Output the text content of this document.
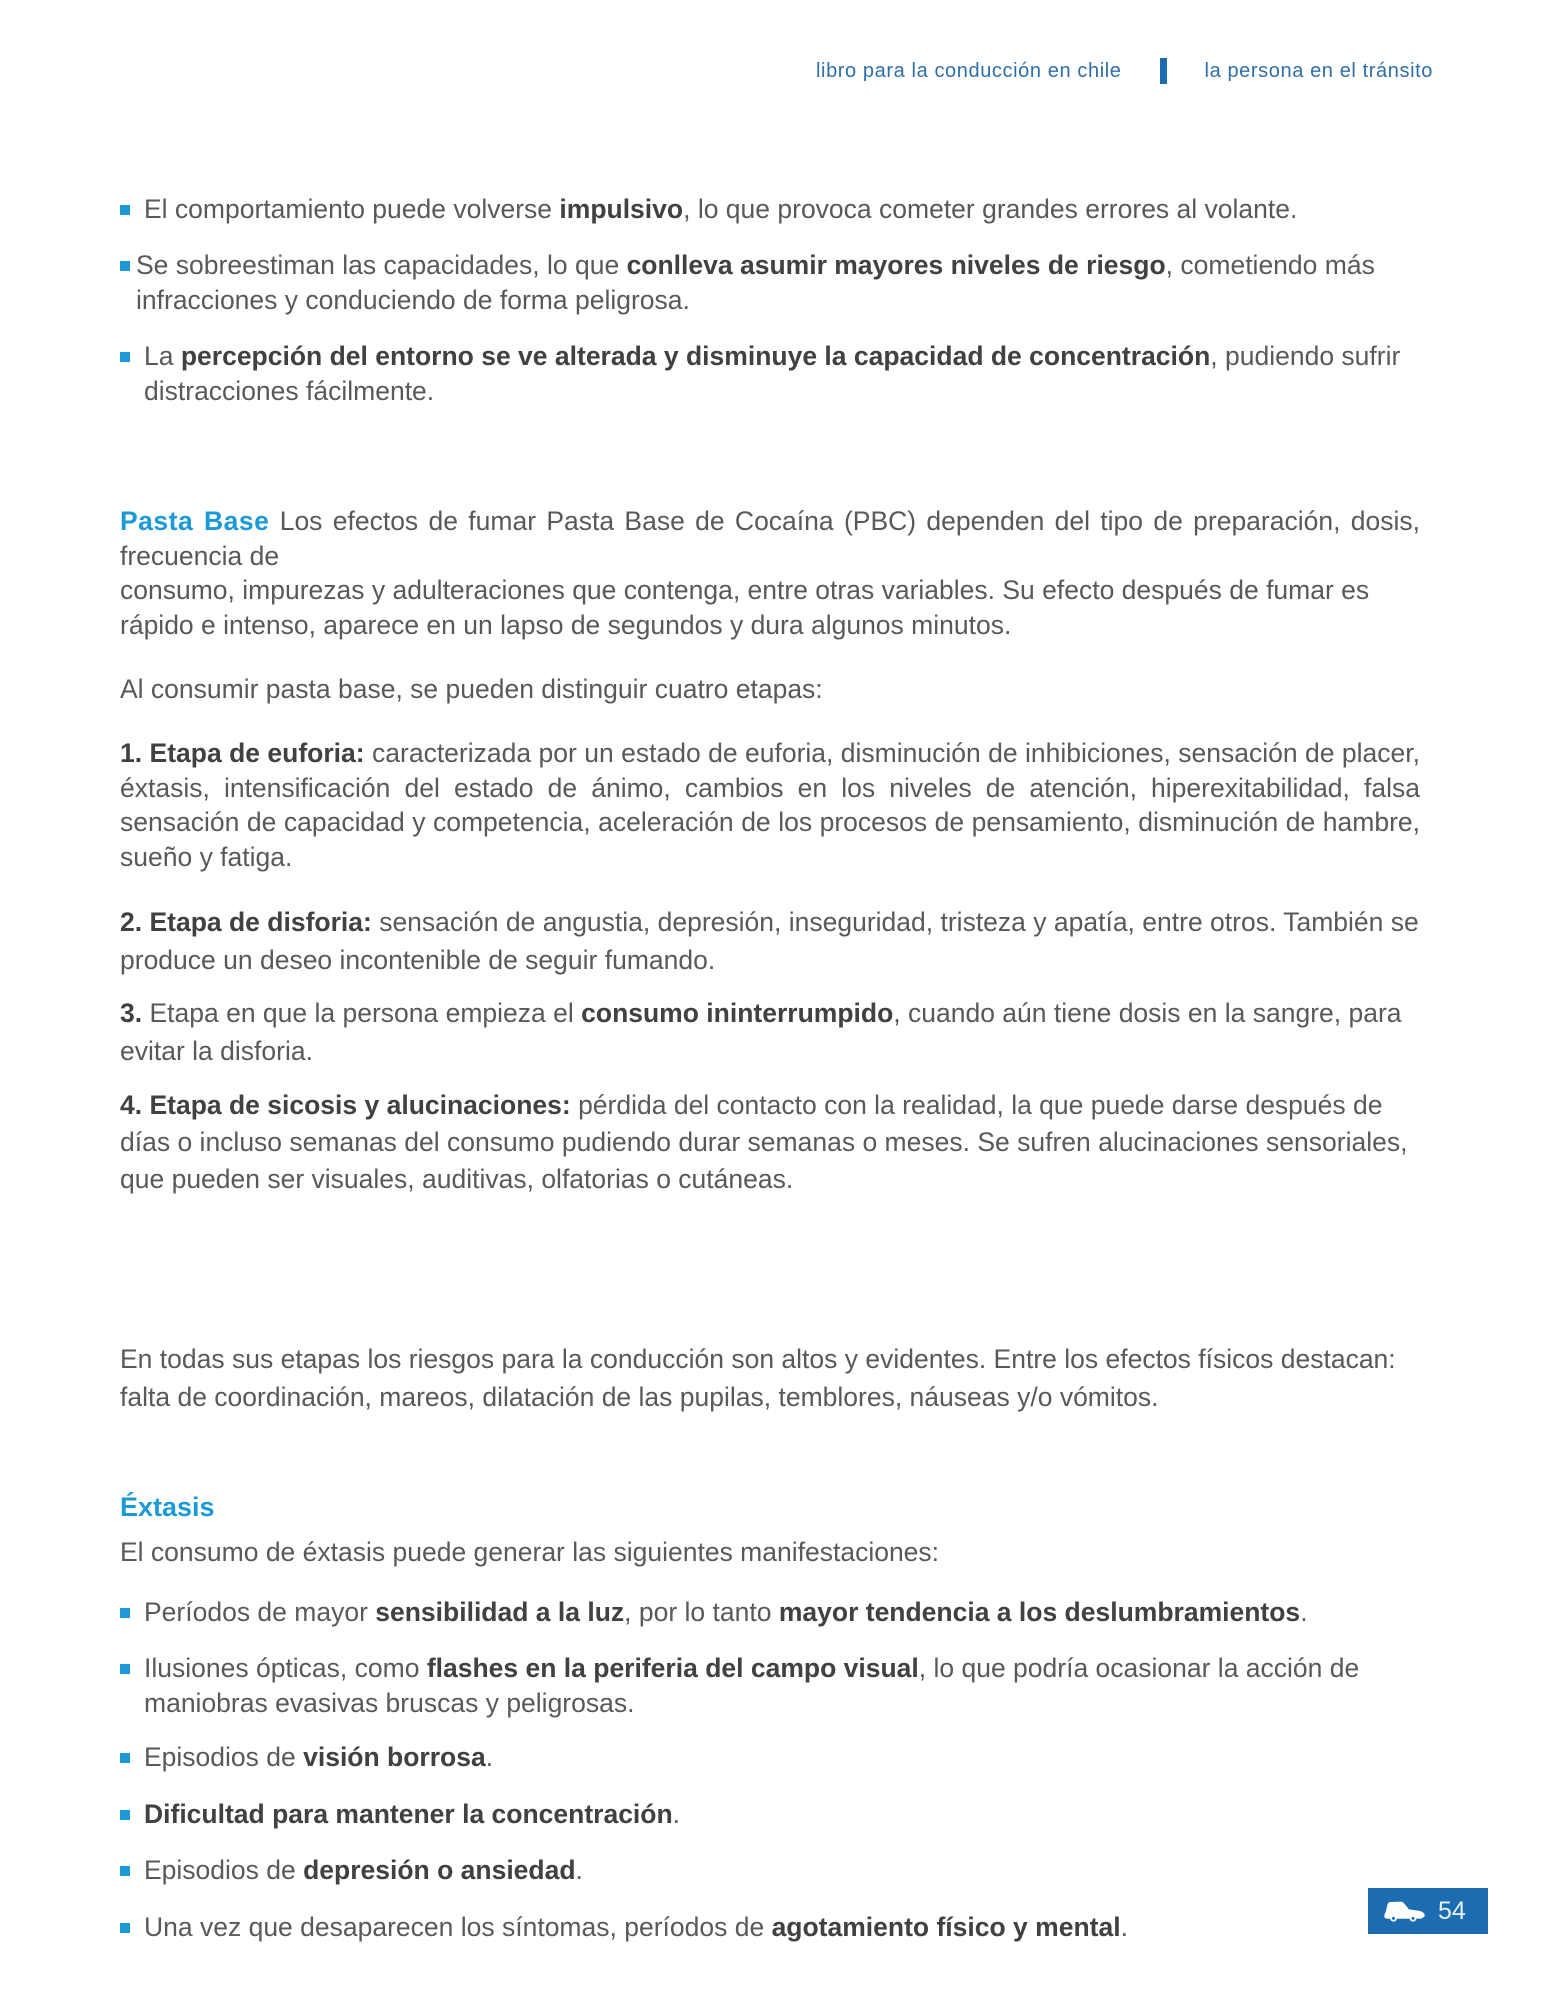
libro para la conducción en chile	la persona en el tránsito
El comportamiento puede volverse impulsivo, lo que provoca cometer grandes errores al volante.
Se sobreestiman las capacidades, lo que conlleva asumir mayores niveles de riesgo, cometiendo más infracciones y conduciendo de forma peligrosa.
La percepción del entorno se ve alterada y disminuye la capacidad de concentración, pudiendo sufrir distracciones fácilmente.
Pasta Base Los efectos de fumar Pasta Base de Cocaína (PBC) dependen del tipo de preparación, dosis,
frecuencia de
consumo, impurezas y adulteraciones que contenga, entre otras variables. Su efecto después de fumar es rápido e intenso, aparece en un lapso de segundos y dura algunos minutos.
Al consumir pasta base, se pueden distinguir cuatro etapas:
1. Etapa de euforia: caracterizada por un estado de euforia, disminución de inhibiciones, sensación de placer, éxtasis, intensificación del estado de ánimo, cambios en los niveles de atención, hiperexitabilidad, falsa sensación de capacidad y competencia, aceleración de los procesos de pensamiento, disminución de hambre, sueño y fatiga.
2. Etapa de disforia: sensación de angustia, depresión, inseguridad, tristeza y apatía, entre otros. También se produce un deseo incontenible de seguir fumando.
3. Etapa en que la persona empieza el consumo ininterrumpido, cuando aún tiene dosis en la sangre, para evitar la disforia.
4. Etapa de sicosis y alucinaciones: pérdida del contacto con la realidad, la que puede darse después de días o incluso semanas del consumo pudiendo durar semanas o meses. Se sufren alucinaciones sensoriales, que pueden ser visuales, auditivas, olfatorias o cutáneas.
En todas sus etapas los riesgos para la conducción son altos y evidentes. Entre los efectos físicos destacan: falta de coordinación, mareos, dilatación de las pupilas, temblores, náuseas y/o vómitos.
Éxtasis
El consumo de éxtasis puede generar las siguientes manifestaciones:
Períodos de mayor sensibilidad a la luz, por lo tanto mayor tendencia a los deslumbramientos.
Ilusiones ópticas, como flashes en la periferia del campo visual, lo que podría ocasionar la acción de maniobras evasivas bruscas y peligrosas.
Episodios de visión borrosa.
Dificultad para mantener la concentración.
Episodios de depresión o ansiedad.
Una vez que desaparecen los síntomas, períodos de agotamiento físico y mental.
54
